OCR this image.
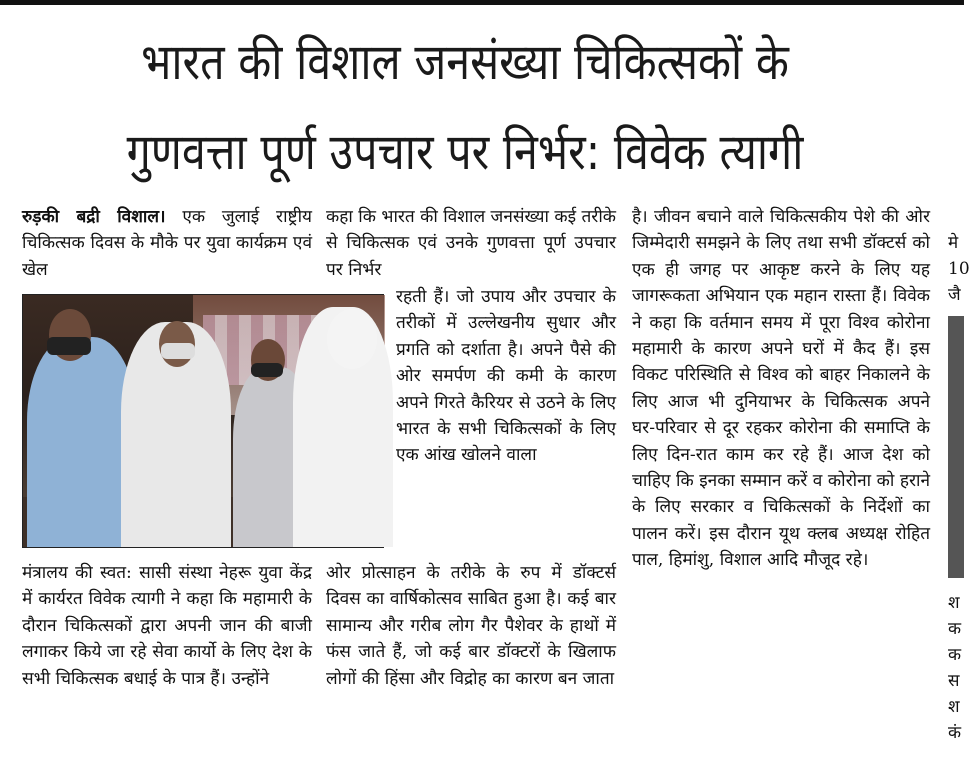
भारत की विशाल जनसंख्या चिकित्सकों के
गुणवत्ता पूर्ण उपचार पर निर्भर: विवेक त्यागी

रुड़की बद्री विशाल। एक जुलाई राष्ट्रीय चिकित्सक दिवस के मौके पर युवा कार्यक्रम एवं खेल

मंत्रालय की स्वत: सासी संस्था नेहरू युवा केंद्र में कार्यरत विवेक त्यागी ने कहा कि महामारी के दौरान चिकित्सकों द्वारा अपनी जान की बाजी लगाकर किये जा रहे सेवा कार्यो के लिए देश के सभी चिकित्सक बधाई के पात्र हैं। उन्होंने

कहा कि भारत की विशाल जनसंख्या कई तरीके से चिकित्सक एवं उनके गुणवत्ता पूर्ण उपचार पर निर्भर

रहती हैं। जो उपाय और उपचार के तरीकों में उल्लेखनीय सुधार और प्रगति को दर्शाता है। अपने पैसे की ओर समर्पण की कमी के कारण अपने गिरते कैरियर से उठने के लिए भारत के सभी चिकित्सकों के लिए एक आंख खोलने वाला

ओर प्रोत्साहन के तरीके के रुप में डॉक्टर्स दिवस का वार्षिकोत्सव साबित हुआ है। कई बार सामान्य और गरीब लोग गैर पैशेवर के हाथों में फंस जाते हैं, जो कई बार डॉक्टरों के खिलाफ लोगों की हिंसा और विद्रोह का कारण बन जाता

है। जीवन बचाने वाले चिकित्सकीय पेशे की ओर जिम्मेदारी समझने के लिए तथा सभी डॉक्टर्स को एक ही जगह पर आकृष्ट करने के लिए यह जागरूकता अभियान एक महान रास्ता हैं। विवेक ने कहा कि वर्तमान समय में पूरा विश्व कोरोना महामारी के कारण अपने घरों में कैद हैं। इस विकट परिस्थिति से विश्व को बाहर निकालने के लिए आज भी दुनियाभर के चिकित्सक अपने घर-परिवार से दूर रहकर कोरोना की समाप्ति के लिए दिन-रात काम कर रहे हैं। आज देश को चाहिए कि इनका सम्मान करें व कोरोना को हराने के लिए सरकार व चिकित्सकों के निर्देशों का पालन करें। इस दौरान यूथ क्लब अध्यक्ष रोहित पाल, हिमांशु, विशाल आदि मौजूद रहे।

मे
10
जै
श
क
क
स
श
कं
